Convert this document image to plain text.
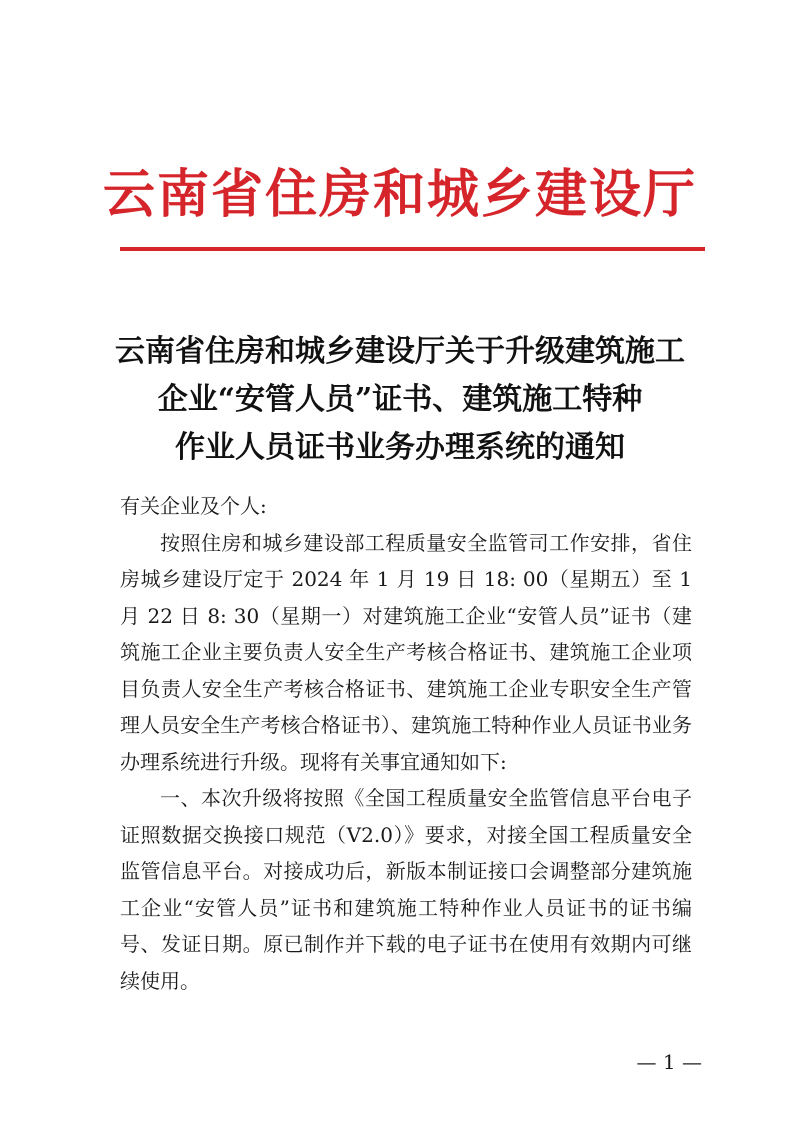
云南省住房和城乡建设厅
云南省住房和城乡建设厅关于升级建筑施工
企业“安管人员”证书、建筑施工特种
作业人员证书业务办理系统的通知
有关企业及个人:

按照住房和城乡建设部工程质量安全监管司工作安排，省住房城乡建设厅定于 2024 年 1 月 19 日 18: 00（星期五）至 1 月 22 日 8: 30（星期一）对建筑施工企业“安管人员”证书（建筑施工企业主要负责人安全生产考核合格证书、建筑施工企业项目负责人安全生产考核合格证书、建筑施工企业专职安全生产管理人员安全生产考核合格证书）、建筑施工特种作业人员证书业务办理系统进行升级。现将有关事宜通知如下:

一、本次升级将按照《全国工程质量安全监管信息平台电子证照数据交换接口规范（V2.0）》要求，对接全国工程质量安全监管信息平台。对接成功后，新版本制证接口会调整部分建筑施工企业“安管人员”证书和建筑施工特种作业人员证书的证书编号、发证日期。原已制作并下载的电子证书在使用有效期内可继续使用。

— 1 —
